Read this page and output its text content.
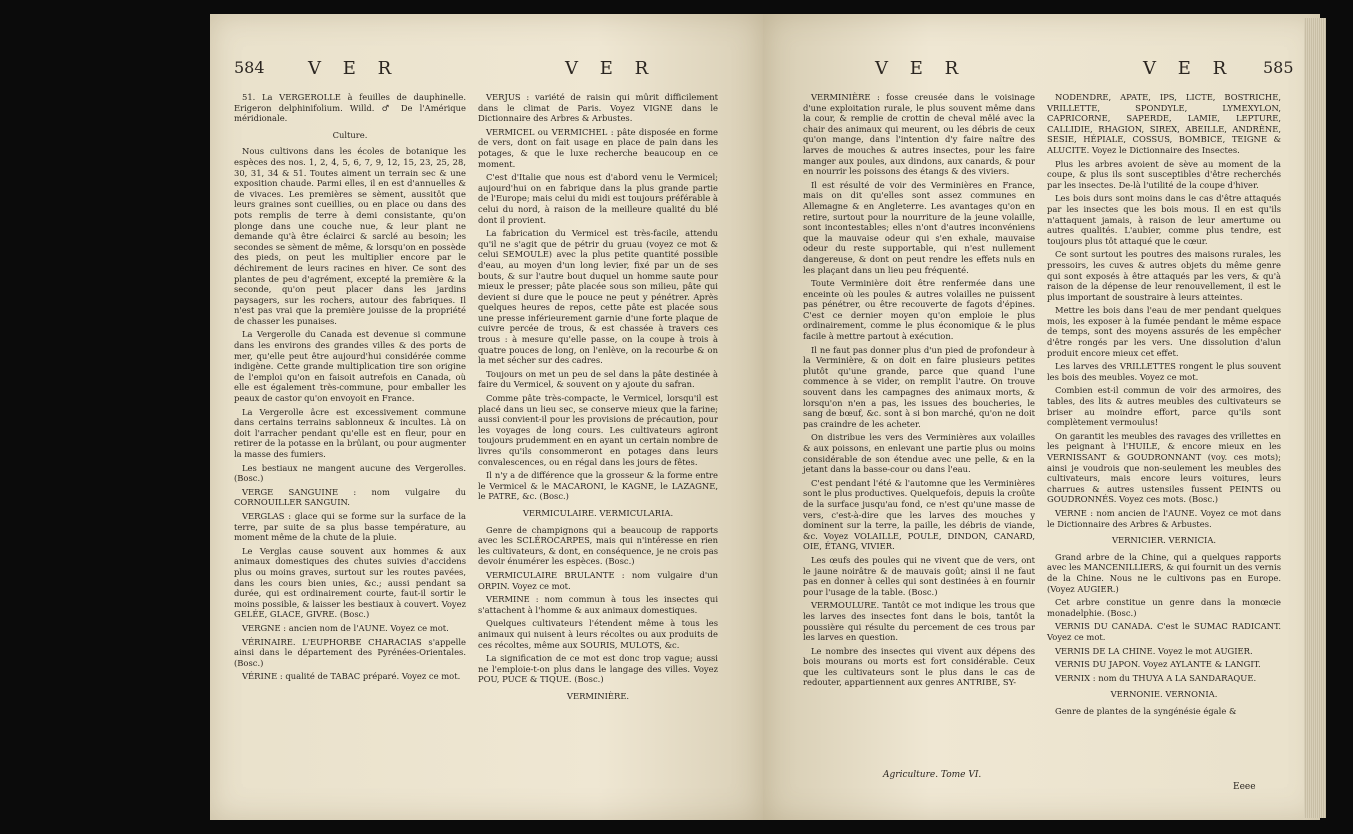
584 V E R	V E R

51. La VERGEROLLE à feuilles de dauphinelle. Erigeron delphinifolium. Willd. ♂ De l'Amérique méridionale.

Culture.

Nous cultivons dans les écoles de botanique les espèces des nos. 1, 2, 4, 5, 6, 7, 9, 12, 15, 23, 25, 28, 30, 31, 34 & 51. Toutes aiment un terrain sec & une exposition chaude. Parmi elles, il en est d'annuelles & de vivaces. Les premières se sèment, aussitôt que leurs graines sont cueillies, ou en place ou dans des pots remplis de terre à demi consistante, qu'on plonge dans une couche nue, & leur plant ne demande qu'à être éclairci & sarclé au besoin; les secondes se sèment de même, & lorsqu'on en possède des pieds, on peut les multiplier encore par le déchirement de leurs racines en hiver. Ce sont des plantes de peu d'agrément, excepté la première & la seconde, qu'on peut placer dans les jardins paysagers, sur les rochers, autour des fabriques. Il n'est pas vrai que la première jouisse de la propriété de chasser les punaises.

La Vergerolle du Canada est devenue si commune dans les environs des grandes villes & des ports de mer, qu'elle peut être aujourd'hui considérée comme indigène. Cette grande multiplication tire son origine de l'emploi qu'on en faisoit autrefois en Canada, où elle est également très-commune, pour emballer les peaux de castor qu'on envoyoit en France.

La Vergerolle âcre est excessivement commune dans certains terrains sablonneux & incultes. Là on doit l'arracher pendant qu'elle est en fleur, pour en retirer de la potasse en la brûlant, ou pour augmenter la masse des fumiers.

Les bestiaux ne mangent aucune des Vergerolles. (Bosc.)

VERGE SANGUINE : nom vulgaire du CORNOUILLER SANGUIN.

VERGLAS : glace qui se forme sur la surface de la terre, par suite de sa plus basse température, au moment même de la chute de la pluie.

Le Verglas cause souvent aux hommes & aux animaux domestiques des chutes suivies d'accidens plus ou moins graves, surtout sur les routes pavées, dans les cours bien unies, &c.; aussi pendant sa durée, qui est ordinairement courte, faut-il sortir le moins possible, & laisser les bestiaux à couvert. Voyez GELÉE, GLACE, GIVRE. (Bosc.)

VERGNE : ancien nom de l'AUNE. Voyez ce mot.

VÉRINAIRE. L'EUPHORBE CHARACIAS s'appelle ainsi dans le département des Pyrénées-Orientales. (Bosc.)

VÉRINE : qualité de TABAC préparé. Voyez ce mot.

VERJUS : variété de raisin qui mûrit difficilement dans le climat de Paris. Voyez VIGNE dans le Dictionnaire des Arbres & Arbustes.

VERMICEL ou VERMICHEL : pâte disposée en forme de vers, dont on fait usage en place de pain dans les potages, & que le luxe recherche beaucoup en ce moment.

C'est d'Italie que nous est d'abord venu le Vermicel; aujourd'hui on en fabrique dans la plus grande partie de l'Europe; mais celui du midi est toujours préférable à celui du nord, à raison de la meilleure qualité du blé dont il provient.

La fabrication du Vermicel est très-facile, attendu qu'il ne s'agit que de pétrir du gruau (voyez ce mot & celui SEMOULE) avec la plus petite quantité possible d'eau, au moyen d'un long levier, fixé par un de ses bouts, & sur l'autre bout duquel un homme saute pour mieux le presser; pâte placée sous son milieu, pâte qui devient si dure que le pouce ne peut y pénétrer. Après quelques heures de repos, cette pâte est placée sous une presse inférieurement garnie d'une forte plaque de cuivre percée de trous, & est chassée à travers ces trous : à mesure qu'elle passe, on la coupe à trois à quatre pouces de long, on l'enlève, on la recourbe & on la met sécher sur des cadres.

Toujours on met un peu de sel dans la pâte destinée à faire du Vermicel, & souvent on y ajoute du safran.

Comme pâte très-compacte, le Vermicel, lorsqu'il est placé dans un lieu sec, se conserve mieux que la farine; aussi convient-il pour les provisions de précaution, pour les voyages de long cours. Les cultivateurs agiront toujours prudemment en en ayant un certain nombre de livres qu'ils consommeront en potages dans leurs convalescences, ou en régal dans les jours de fêtes.

Il n'y a de différence que la grosseur & la forme entre le Vermicel & le MACARONI, le KAGNE, le LAZAGNE, le PATRE, &c. (Bosc.)

VERMICULAIRE. VERMICULARIA.

Genre de champignons qui a beaucoup de rapports avec les SCLÉROCARPES, mais qui n'intéresse en rien les cultivateurs, & dont, en conséquence, je ne crois pas devoir énumérer les espèces. (Bosc.)

VERMICULAIRE BRULANTE : nom vulgaire d'un ORPIN. Voyez ce mot.

VERMINE : nom commun à tous les insectes qui s'attachent à l'homme & aux animaux domestiques.

Quelques cultivateurs l'étendent même à tous les animaux qui nuisent à leurs récoltes ou aux produits de ces récoltes, même aux SOURIS, MULOTS, &c.

La signification de ce mot est donc trop vague; aussi ne l'emploie-t-on plus dans le langage des villes. Voyez POU, PUCE & TIQUE. (Bosc.)

VERMINIÈRE.

V E R	V E R 585

VERMINIÈRE : fosse creusée dans le voisinage d'une exploitation rurale, le plus souvent même dans la cour, & remplie de crottin de cheval mêlé avec la chair des animaux qui meurent, ou les débris de ceux qu'on mange, dans l'intention d'y faire naître des larves de mouches & autres insectes, pour les faire manger aux poules, aux dindons, aux canards, & pour en nourrir les poissons des étangs & des viviers.

Il est résulté de voir des Verminières en France, mais on dit qu'elles sont assez communes en Allemagne & en Angleterre. Les avantages qu'on en retire, surtout pour la nourriture de la jeune volaille, sont incontestables; elles n'ont d'autres inconvéniens que la mauvaise odeur qui s'en exhale, mauvaise odeur du reste supportable, qui n'est nullement dangereuse, & dont on peut rendre les effets nuls en les plaçant dans un lieu peu fréquenté.

Toute Verminière doit être renfermée dans une enceinte où les poules & autres volailles ne puissent pas pénétrer, ou être recouverte de fagots d'épines. C'est ce dernier moyen qu'on emploie le plus ordinairement, comme le plus économique & le plus facile à mettre partout à exécution.

Il ne faut pas donner plus d'un pied de profondeur à la Verminière, & on doit en faire plusieurs petites plutôt qu'une grande, parce que quand l'une commence à se vider, on remplit l'autre. On trouve souvent dans les campagnes des animaux morts, & lorsqu'on n'en a pas, les issues des boucheries, le sang de bœuf, &c. sont à si bon marché, qu'on ne doit pas craindre de les acheter.

On distribue les vers des Verminières aux volailles & aux poissons, en enlevant une partie plus ou moins considérable de son étendue avec une pelle, & en la jetant dans la basse-cour ou dans l'eau.

C'est pendant l'été & l'automne que les Verminières sont le plus productives. Quelquefois, depuis la croûte de la surface jusqu'au fond, ce n'est qu'une masse de vers, c'est-à-dire que les larves des mouches y dominent sur la terre, la paille, les débris de viande, &c. Voyez VOLAILLE, POULE, DINDON, CANARD, OIE, ÉTANG, VIVIER.

Les œufs des poules qui ne vivent que de vers, ont le jaune noirâtre & de mauvais goût; ainsi il ne faut pas en donner à celles qui sont destinées à en fournir pour l'usage de la table. (Bosc.)

VERMOULURE. Tantôt ce mot indique les trous que les larves des insectes font dans le bois, tantôt la poussière qui résulte du percement de ces trous par les larves en question.

Le nombre des insectes qui vivent aux dépens des bois mourans ou morts est fort considérable. Ceux que les cultivateurs sont le plus dans le cas de redouter, appartiennent aux genres ANTRIBE, SY-

NODENDRE, APATE, IPS, LICTE, BOSTRICHE, VRILLETTE, SPONDYLE, LYMEXYLON, CAPRICORNE, SAPERDE, LAMIE, LEPTURE, CALLIDIE, RHAGION, SIREX, ABEILLE, ANDRÈNE, SESIE, HÉPIALE, COSSUS, BOMBICE, TEIGNE & ALUCITE. Voyez le Dictionnaire des Insectes.

Plus les arbres avoient de sève au moment de la coupe, & plus ils sont susceptibles d'être recherchés par les insectes. De-là l'utilité de la coupe d'hiver.

Les bois durs sont moins dans le cas d'être attaqués par les insectes que les bois mous. Il en est qu'ils n'attaquent jamais, à raison de leur amertume ou autres qualités. L'aubier, comme plus tendre, est toujours plus tôt attaqué que le cœur.

Ce sont surtout les poutres des maisons rurales, les pressoirs, les cuves & autres objets du même genre qui sont exposés à être attaqués par les vers, & qu'à raison de la dépense de leur renouvellement, il est le plus important de soustraire à leurs atteintes.

Mettre les bois dans l'eau de mer pendant quelques mois, les exposer à la fumée pendant le même espace de temps, sont des moyens assurés de les empêcher d'être rongés par les vers. Une dissolution d'alun produit encore mieux cet effet.

Les larves des VRILLETTES rongent le plus souvent les bois des meubles. Voyez ce mot.

Combien est-il commun de voir des armoires, des tables, des lits & autres meubles des cultivateurs se briser au moindre effort, parce qu'ils sont complètement vermoulus!

On garantit les meubles des ravages des vrillettes en les peignant à l'HUILE, & encore mieux en les VERNISSANT & GOUDRONNANT (voy. ces mots); ainsi je voudrois que non-seulement les meubles des cultivateurs, mais encore leurs voitures, leurs charrues & autres ustensiles fussent PEINTS ou GOUDRONNÉS. Voyez ces mots. (Bosc.)

VERNE : nom ancien de l'AUNE. Voyez ce mot dans le Dictionnaire des Arbres & Arbustes.

VERNICIER. VERNICIA.

Grand arbre de la Chine, qui a quelques rapports avec les MANCENILLIERS, & qui fournit un des vernis de la Chine. Nous ne le cultivons pas en Europe. (Voyez AUGIER.)

Cet arbre constitue un genre dans la monœcie monadelphie. (Bosc.)

VERNIS DU CANADA. C'est le SUMAC RADICANT. Voyez ce mot.

VERNIS DE LA CHINE. Voyez le mot AUGIER.

VERNIS DU JAPON. Voyez AYLANTE & LANGIT.

VERNIX : nom du THUYA A LA SANDARAQUE.

VERNONIE. VERNONIA.

Genre de plantes de la syngénésie égale &

Agriculture. Tome VI.
Eeee
